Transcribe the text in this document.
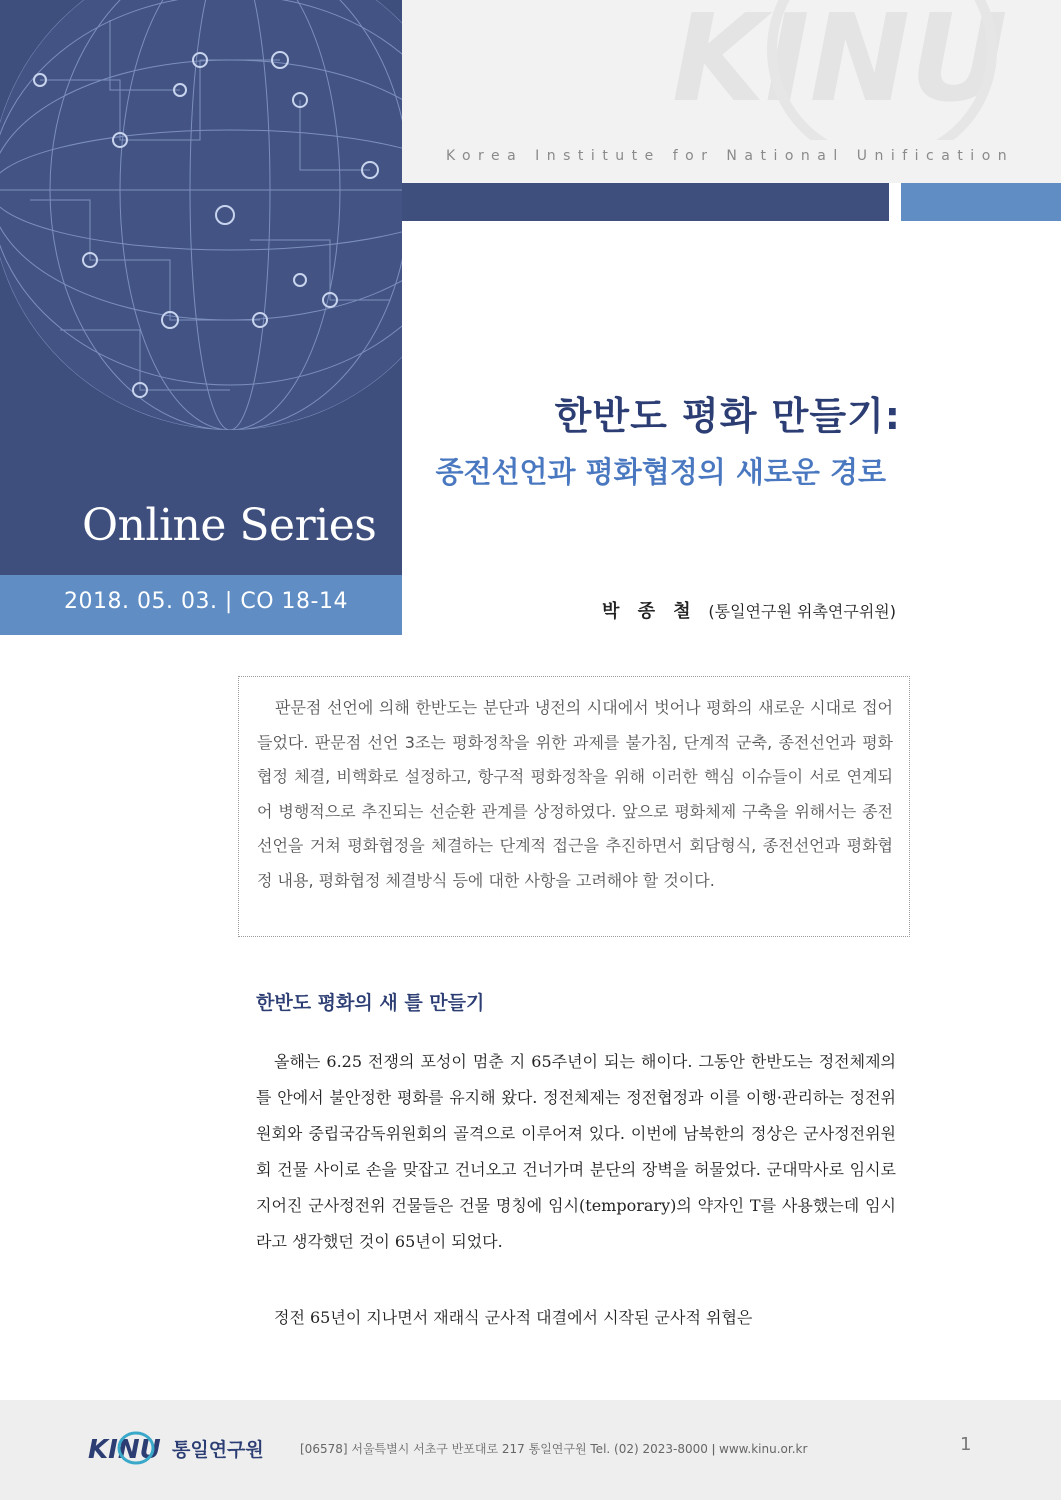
Online Series
2018. 05. 03. | CO 18-14
KINU
Korea Institute for National Unification
한반도 평화 만들기:
종전선언과 평화협정의 새로운 경로
박 종 철 (통일연구원 위촉연구위원)

판문점 선언에 의해 한반도는 분단과 냉전의 시대에서 벗어나 평화의 새로운 시대로 접어들었다. 판문점 선언 3조는 평화정착을 위한 과제를 불가침, 단계적 군축, 종전선언과 평화협정 체결, 비핵화로 설정하고, 항구적 평화정착을 위해 이러한 핵심 이슈들이 서로 연계되어 병행적으로 추진되는 선순환 관계를 상정하였다. 앞으로 평화체제 구축을 위해서는 종전선언을 거쳐 평화협정을 체결하는 단계적 접근을 추진하면서 회담형식, 종전선언과 평화협정 내용, 평화협정 체결방식 등에 대한 사항을 고려해야 할 것이다.

한반도 평화의 새 틀 만들기

올해는 6.25 전쟁의 포성이 멈춘 지 65주년이 되는 해이다. 그동안 한반도는 정전체제의 틀 안에서 불안정한 평화를 유지해 왔다. 정전체제는 정전협정과 이를 이행·관리하는 정전위원회와 중립국감독위원회의 골격으로 이루어져 있다. 이번에 남북한의 정상은 군사정전위원회 건물 사이로 손을 맞잡고 건너오고 건너가며 분단의 장벽을 허물었다. 군대막사로 임시로 지어진 군사정전위 건물들은 건물 명칭에 임시(temporary)의 약자인 T를 사용했는데 임시라고 생각했던 것이 65년이 되었다.

정전 65년이 지나면서 재래식 군사적 대결에서 시작된 군사적 위협은

KINU 통일연구원	[06578] 서울특별시 서초구 반포대로 217 통일연구원 Tel. (02) 2023-8000 ǀ www.kinu.or.kr	1
